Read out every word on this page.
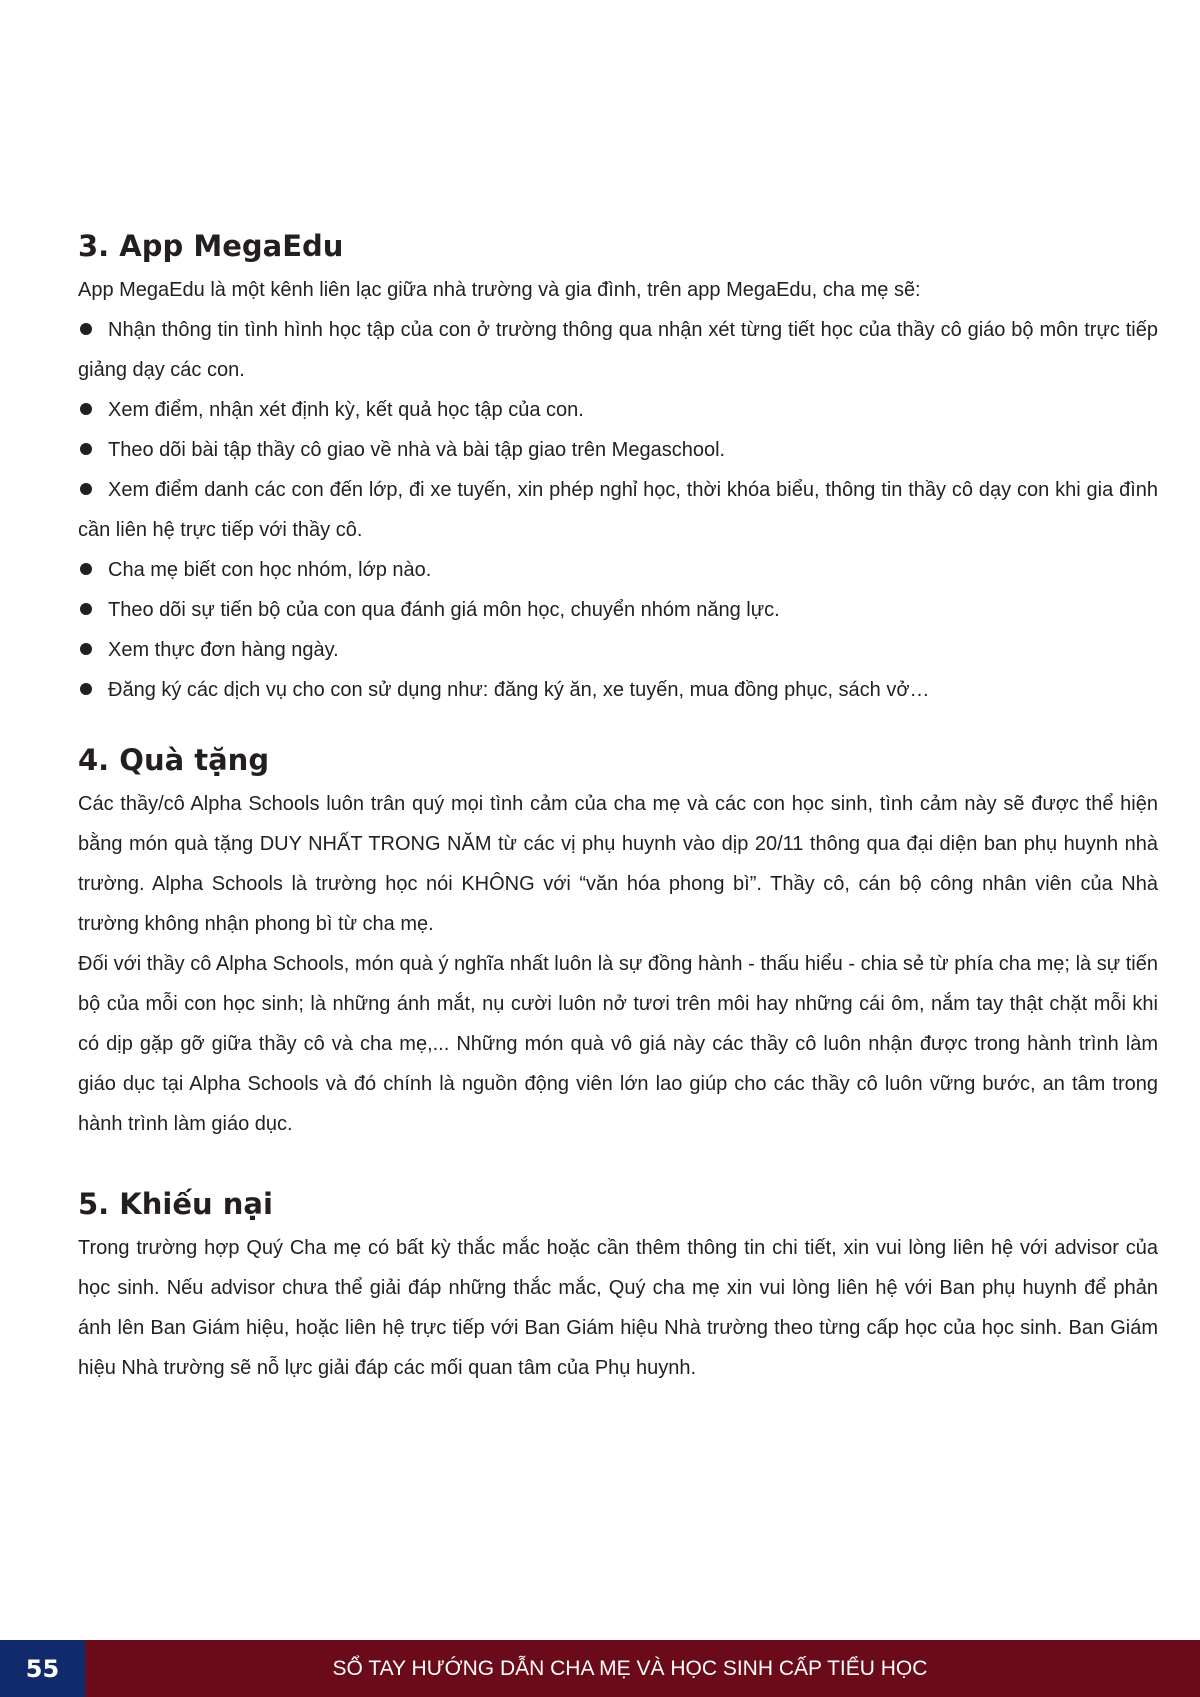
3. App MegaEdu

App MegaEdu là một kênh liên lạc giữa nhà trường và gia đình, trên app MegaEdu, cha mẹ sẽ:

Nhận thông tin tình hình học tập của con ở trường thông qua nhận xét từng tiết học của thầy cô giáo bộ môn trực tiếp giảng dạy các con.
Xem điểm, nhận xét định kỳ, kết quả học tập của con.
Theo dõi bài tập thầy cô giao về nhà và bài tập giao trên Megaschool.
Xem điểm danh các con đến lớp, đi xe tuyến, xin phép nghỉ học, thời khóa biểu, thông tin thầy cô dạy con khi gia đình cần liên hệ trực tiếp với thầy cô.
Cha mẹ biết con học nhóm, lớp nào.
Theo dõi sự tiến bộ của con qua đánh giá môn học, chuyển nhóm năng lực.
Xem thực đơn hàng ngày.
Đăng ký các dịch vụ cho con sử dụng như: đăng ký ăn, xe tuyến, mua đồng phục, sách vở…
4. Quà tặng

Các thầy/cô Alpha Schools luôn trân quý mọi tình cảm của cha mẹ và các con học sinh, tình cảm này sẽ được thể hiện bằng món quà tặng DUY NHẤT TRONG NĂM từ các vị phụ huynh vào dịp 20/11 thông qua đại diện ban phụ huynh nhà trường. Alpha Schools là trường học nói KHÔNG với “văn hóa phong bì”. Thầy cô, cán bộ công nhân viên của Nhà trường không nhận phong bì từ cha mẹ.

Đối với thầy cô Alpha Schools, món quà ý nghĩa nhất luôn là sự đồng hành - thấu hiểu - chia sẻ từ phía cha mẹ; là sự tiến bộ của mỗi con học sinh; là những ánh mắt, nụ cười luôn nở tươi trên môi hay những cái ôm, nắm tay thật chặt mỗi khi có dịp gặp gỡ giữa thầy cô và cha mẹ,... Những món quà vô giá này các thầy cô luôn nhận được trong hành trình làm giáo dục tại Alpha Schools và đó chính là nguồn động viên lớn lao giúp cho các thầy cô luôn vững bước, an tâm trong hành trình làm giáo dục.

5. Khiếu nại

Trong trường hợp Quý Cha mẹ có bất kỳ thắc mắc hoặc cần thêm thông tin chi tiết, xin vui lòng liên hệ với advisor của học sinh. Nếu advisor chưa thể giải đáp những thắc mắc, Quý cha mẹ xin vui lòng liên hệ với Ban phụ huynh để phản ánh lên Ban Giám hiệu, hoặc liên hệ trực tiếp với Ban Giám hiệu Nhà trường theo từng cấp học của học sinh. Ban Giám hiệu Nhà trường sẽ nỗ lực giải đáp các mối quan tâm của Phụ huynh.

55	SỔ TAY HƯỚNG DẪN CHA MẸ VÀ HỌC SINH CẤP TIỂU HỌC
